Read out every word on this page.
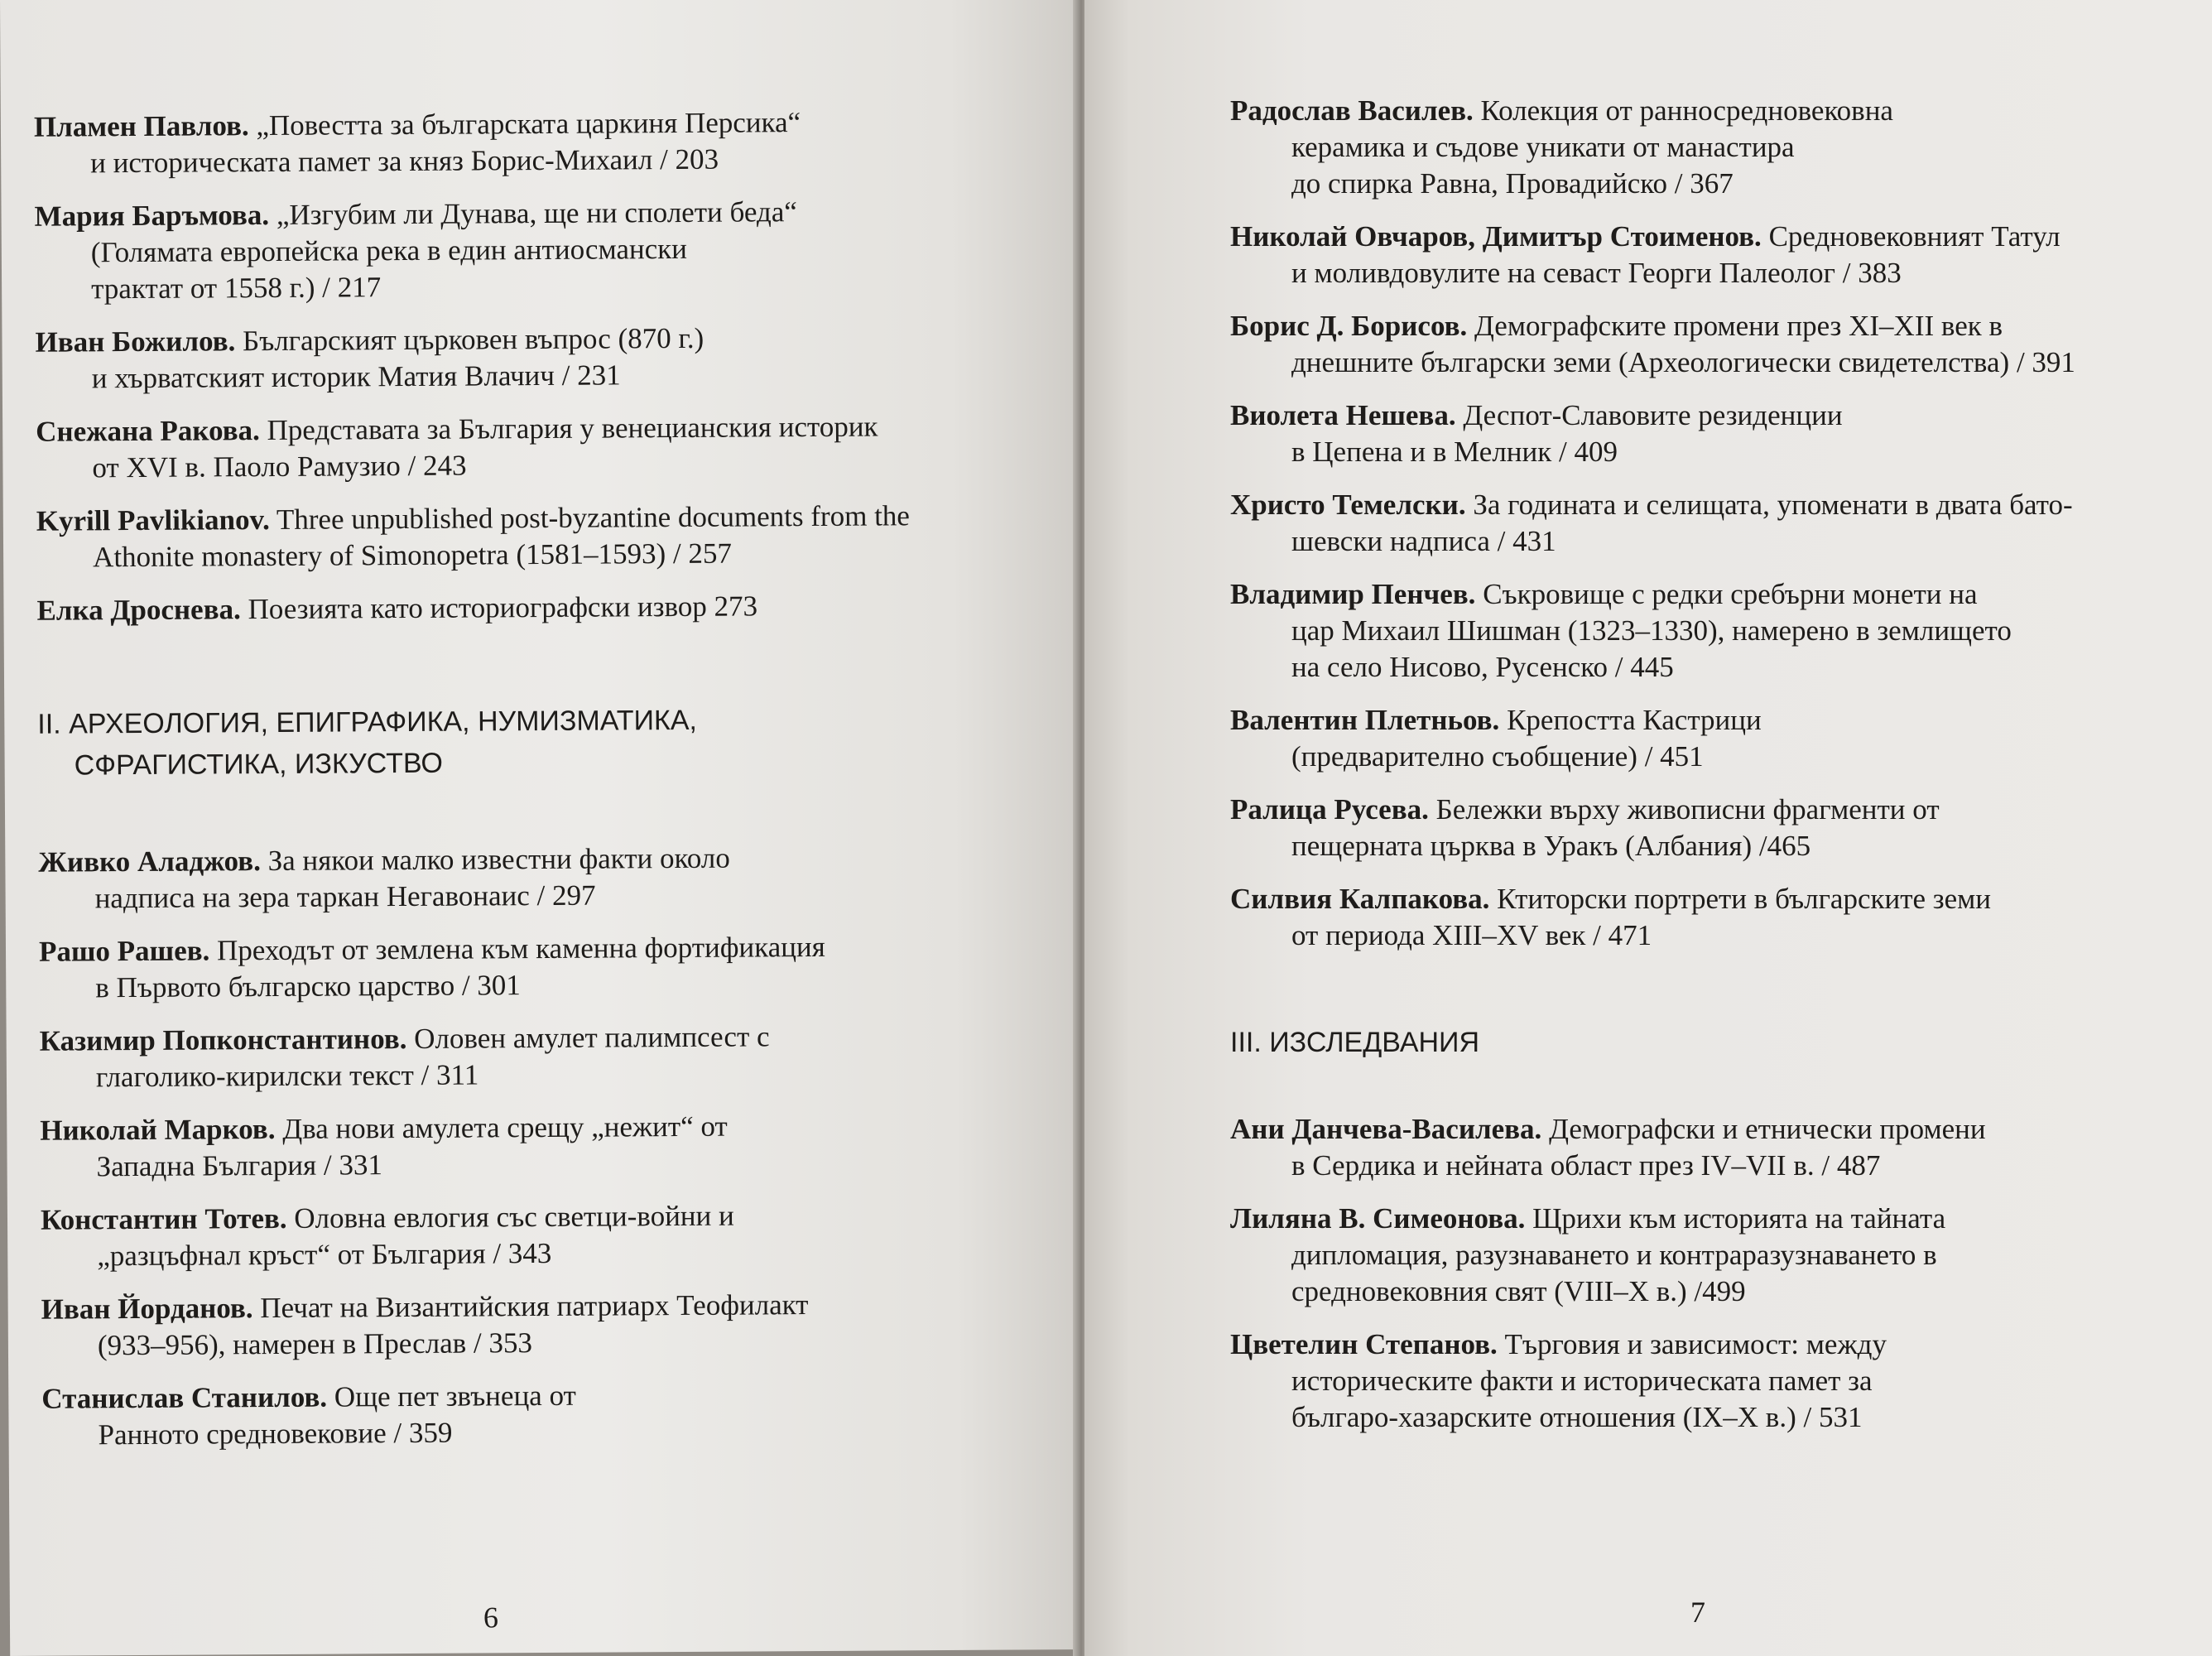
Пламен Павлов. „Повестта за българската царкиня Персика“
и историческата памет за княз Борис-Михаил / 203
Мария Баръмова. „Изгубим ли Дунава, ще ни сполети беда“
(Голямата европейска река в един антиосмански
трактат от 1558 г.) / 217
Иван Божилов. Българският църковен въпрос (870 г.)
и хърватският историк Матия Влачич / 231
Снежана Ракова. Представата за България у венецианския историк
от XVI в. Паоло Рамузио / 243
Kyrill Pavlikianov. Three unpublished post-byzantine documents from the
Athonite monastery of Simonopetra (1581–1593) / 257
Елка Дроснева. Поезията като историографски извор 273
II. АРХЕОЛОГИЯ, ЕПИГРАФИКА, НУМИЗМАТИКА,
СФРАГИСТИКА, ИЗКУСТВО
Живко Аладжов. За някои малко известни факти около
надписа на зера таркан Негавонаис / 297
Рашо Рашев. Преходът от землена към каменна фортификация
в Първото българско царство / 301
Казимир Попконстантинов. Оловен амулет палимпсест с
глаголико-кирилски текст / 311
Николай Марков. Два нови амулета срещу „нежит“ от
Западна България / 331
Константин Тотев. Оловна евлогия със светци-войни и
„разцъфнал кръст“ от България / 343
Иван Йорданов. Печат на Византийския патриарх Теофилакт
(933–956), намерен в Преслав / 353
Станислав Станилов. Още пет звънеца от
Ранното средновековие / 359
6
Радослав Василев. Колекция от ранносредновековна
керамика и съдове уникати от манастира
до спирка Равна, Провадийско / 367
Николай Овчаров, Димитър Стоименов. Средновековният Татул
и моливдовулите на севаст Георги Палеолог / 383
Борис Д. Борисов. Демографските промени през XI–XII век в
днешните български земи (Археологически свидетелства) / 391
Виолета Нешева. Деспот-Славовите резиденции
в Цепена и в Мелник / 409
Христо Темелски. За годината и селищата, упоменати в двата бато-
шевски надписа / 431
Владимир Пенчев. Съкровище с редки сребърни монети на
цар Михаил Шишман (1323–1330), намерено в землището
на село Нисово, Русенско / 445
Валентин Плетньов. Крепостта Кастрици
(предварително съобщение) / 451
Ралица Русева. Бележки върху живописни фрагменти от
пещерната църква в Уракъ (Албания) /465
Силвия Калпакова. Ктиторски портрети в българските земи
от периода XIII–XV век / 471
III. ИЗСЛЕДВАНИЯ
Ани Данчева-Василева. Демографски и етнически промени
в Сердика и нейната област през IV–VII в. / 487
Лиляна В. Симеонова. Щрихи към историята на тайната
дипломация, разузнаването и контраразузнаването в
средновековния свят (VIII–X в.) /499
Цветелин Степанов. Търговия и зависимост: между
историческите факти и историческата памет за
българо-хазарските отношения (IX–X в.) / 531
7
